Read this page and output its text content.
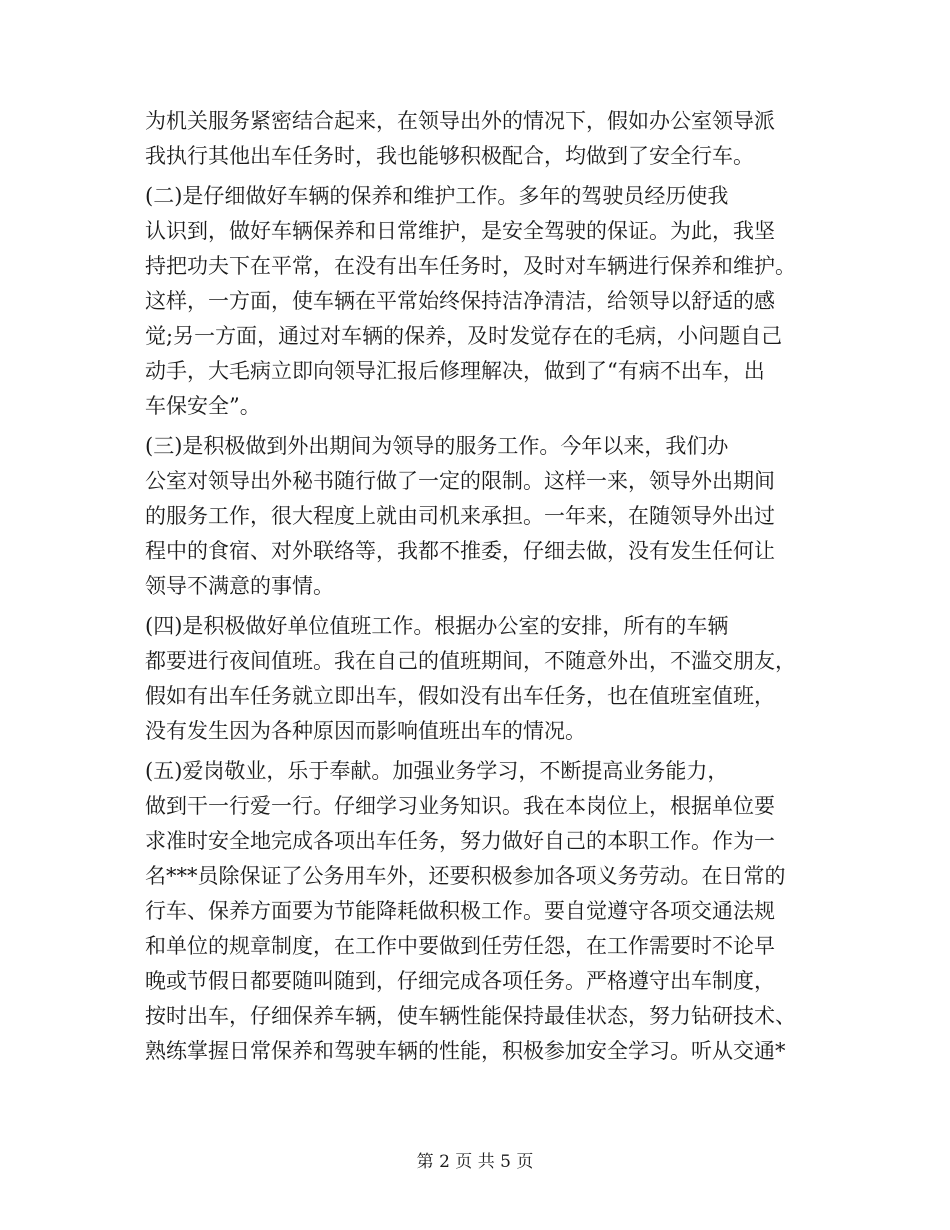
为机关服务紧密结合起来，在领导出外的情况下，假如办公室领导派
我执行其他出车任务时，我也能够积极配合，均做到了安全行车。
(二)是仔细做好车辆的保养和维护工作。多年的驾驶员经历使我
认识到，做好车辆保养和日常维护，是安全驾驶的保证。为此，我坚
持把功夫下在平常，在没有出车任务时，及时对车辆进行保养和维护。
这样，一方面，使车辆在平常始终保持洁净清洁，给领导以舒适的感
觉;另一方面，通过对车辆的保养，及时发觉存在的毛病，小问题自己
动手，大毛病立即向领导汇报后修理解决，做到了“有病不出车，出
车保安全”。
(三)是积极做到外出期间为领导的服务工作。今年以来，我们办
公室对领导出外秘书随行做了一定的限制。这样一来，领导外出期间
的服务工作，很大程度上就由司机来承担。一年来，在随领导外出过
程中的食宿、对外联络等，我都不推委，仔细去做，没有发生任何让
领导不满意的事情。
(四)是积极做好单位值班工作。根据办公室的安排，所有的车辆
都要进行夜间值班。我在自己的值班期间，不随意外出，不滥交朋友，
假如有出车任务就立即出车，假如没有出车任务，也在值班室值班，
没有发生因为各种原因而影响值班出车的情况。
(五)爱岗敬业，乐于奉献。加强业务学习，不断提高业务能力，
做到干一行爱一行。仔细学习业务知识。我在本岗位上，根据单位要
求准时安全地完成各项出车任务，努力做好自己的本职工作。作为一
名***员除保证了公务用车外，还要积极参加各项义务劳动。在日常的
行车、保养方面要为节能降耗做积极工作。要自觉遵守各项交通法规
和单位的规章制度，在工作中要做到任劳任怨，在工作需要时不论早
晚或节假日都要随叫随到，仔细完成各项任务。严格遵守出车制度，
按时出车，仔细保养车辆，使车辆性能保持最佳状态，努力钻研技术、
熟练掌握日常保养和驾驶车辆的性能，积极参加安全学习。听从交通*
第 2 页 共 5 页
